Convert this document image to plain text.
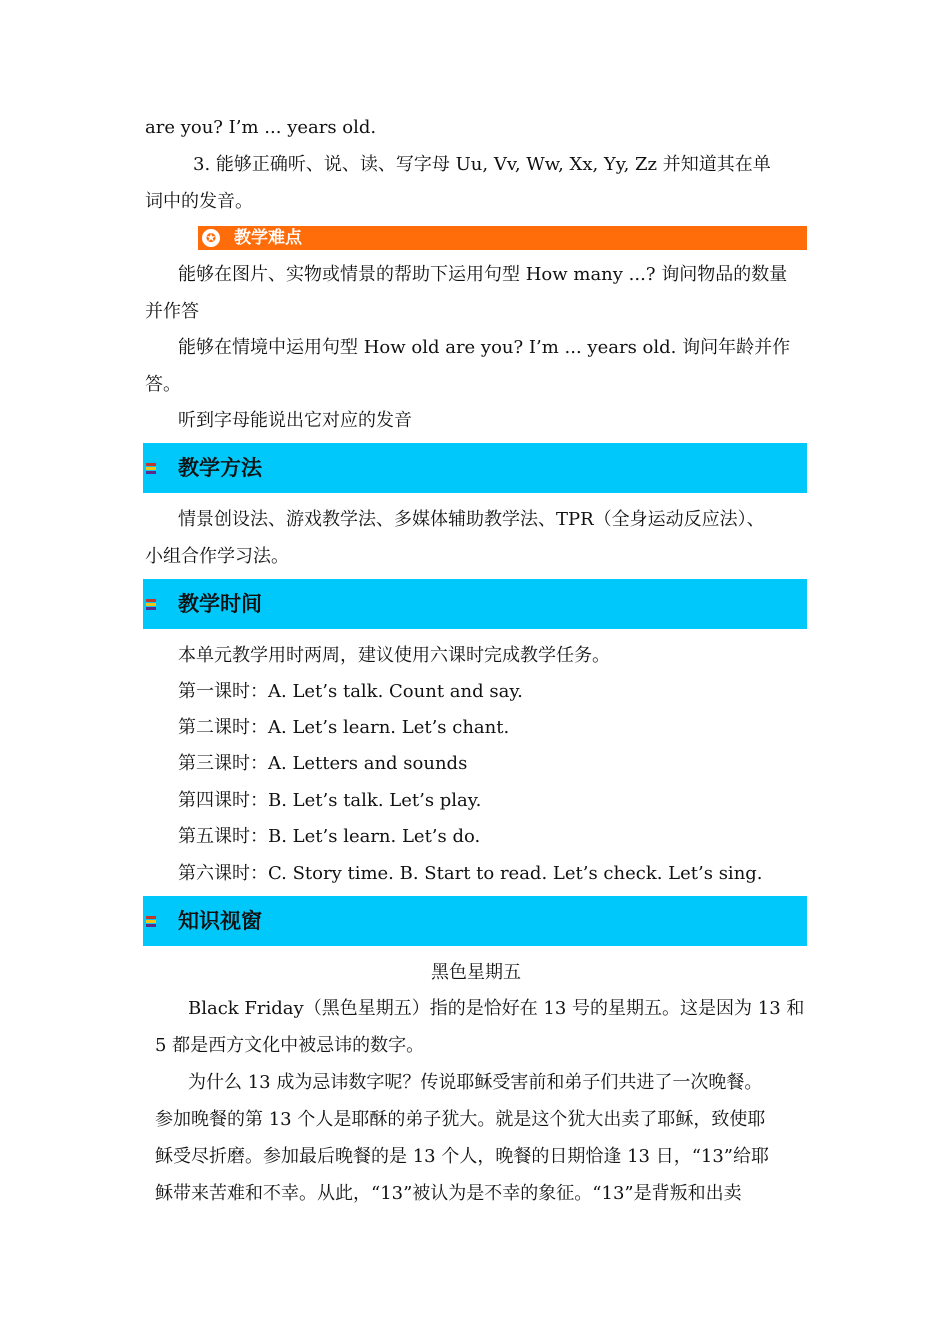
are you? I’m ... years old.
3. 能够正确听、说、读、写字母 Uu, Vv, Ww, Xx, Yy, Zz 并知道其在单
词中的发音。
✪ 教学难点
能够在图片、实物或情景的帮助下运用句型 How many ...? 询问物品的数量
并作答
能够在情境中运用句型 How old are you? I’m ... years old. 询问年龄并作
答。
听到字母能说出它对应的发音
教学方法
情景创设法、游戏教学法、多媒体辅助教学法、TPR（全身运动反应法）、
小组合作学习法。
教学时间
本单元教学用时两周，建议使用六课时完成教学任务。
第一课时：A. Let’s talk. Count and say.
第二课时：A. Let’s learn. Let’s chant.
第三课时：A. Letters and sounds
第四课时：B. Let’s talk. Let’s play.
第五课时：B. Let’s learn. Let’s do.
第六课时：C. Story time. B. Start to read. Let’s check. Let’s sing.
知识视窗
黑色星期五
Black Friday（黑色星期五）指的是恰好在 13 号的星期五。这是因为 13 和
5 都是西方文化中被忌讳的数字。
为什么 13 成为忌讳数字呢？传说耶稣受害前和弟子们共进了一次晚餐。
参加晚餐的第 13 个人是耶酥的弟子犹大。就是这个犹大出卖了耶稣，致使耶
稣受尽折磨。参加最后晚餐的是 13 个人，晚餐的日期恰逢 13 日，“13”给耶
稣带来苦难和不幸。从此，“13”被认为是不幸的象征。“13”是背叛和出卖
